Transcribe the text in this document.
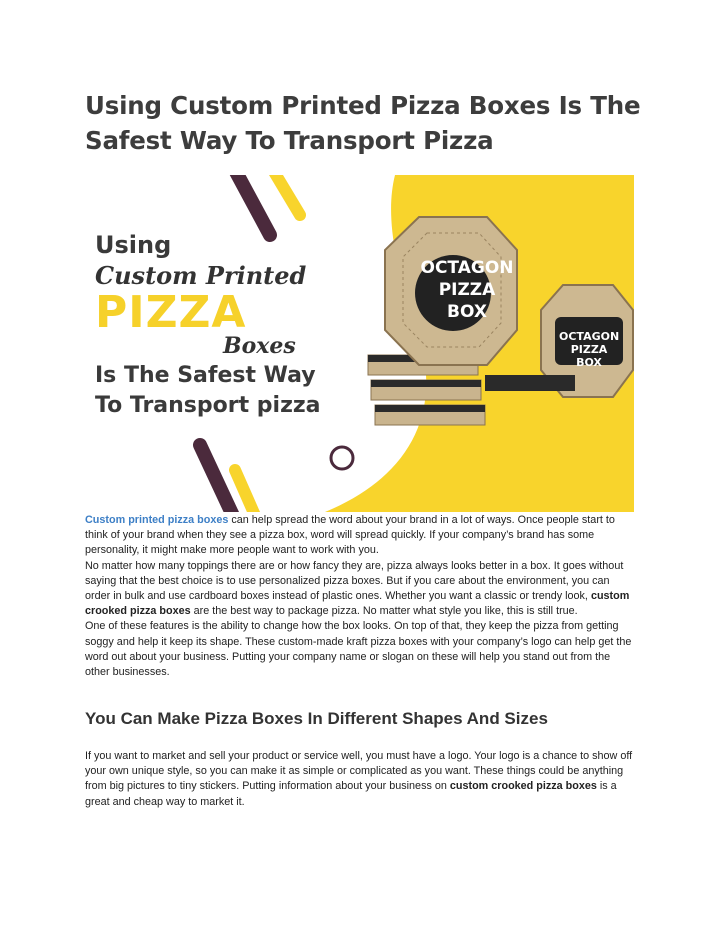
Using Custom Printed Pizza Boxes Is The Safest Way To Transport Pizza
Using
Custom Printed
PIZZA
Boxes
Is The Safest Way
To Transport pizza
OCTAGON PIZZA BOX
OCTAGON PIZZA BOX

Custom printed pizza boxes can help spread the word about your brand in a lot of ways. Once people start to think of your brand when they see a pizza box, word will spread quickly. If your company’s brand has some personality, it might make more people want to work with you.

No matter how many toppings there are or how fancy they are, pizza always looks better in a box. It goes without saying that the best choice is to use personalized pizza boxes. But if you care about the environment, you can order in bulk and use cardboard boxes instead of plastic ones. Whether you want a classic or trendy look, custom crooked pizza boxes are the best way to package pizza. No matter what style you like, this is still true.

One of these features is the ability to change how the box looks. On top of that, they keep the pizza from getting soggy and help it keep its shape. These custom-made kraft pizza boxes with your company’s logo can help get the word out about your business. Putting your company name or slogan on these will help you stand out from the other businesses.

You Can Make Pizza Boxes In Different Shapes And Sizes

If you want to market and sell your product or service well, you must have a logo. Your logo is a chance to show off your own unique style, so you can make it as simple or complicated as you want. These things could be anything from big pictures to tiny stickers. Putting information about your business on custom crooked pizza boxes is a great and cheap way to market it.
